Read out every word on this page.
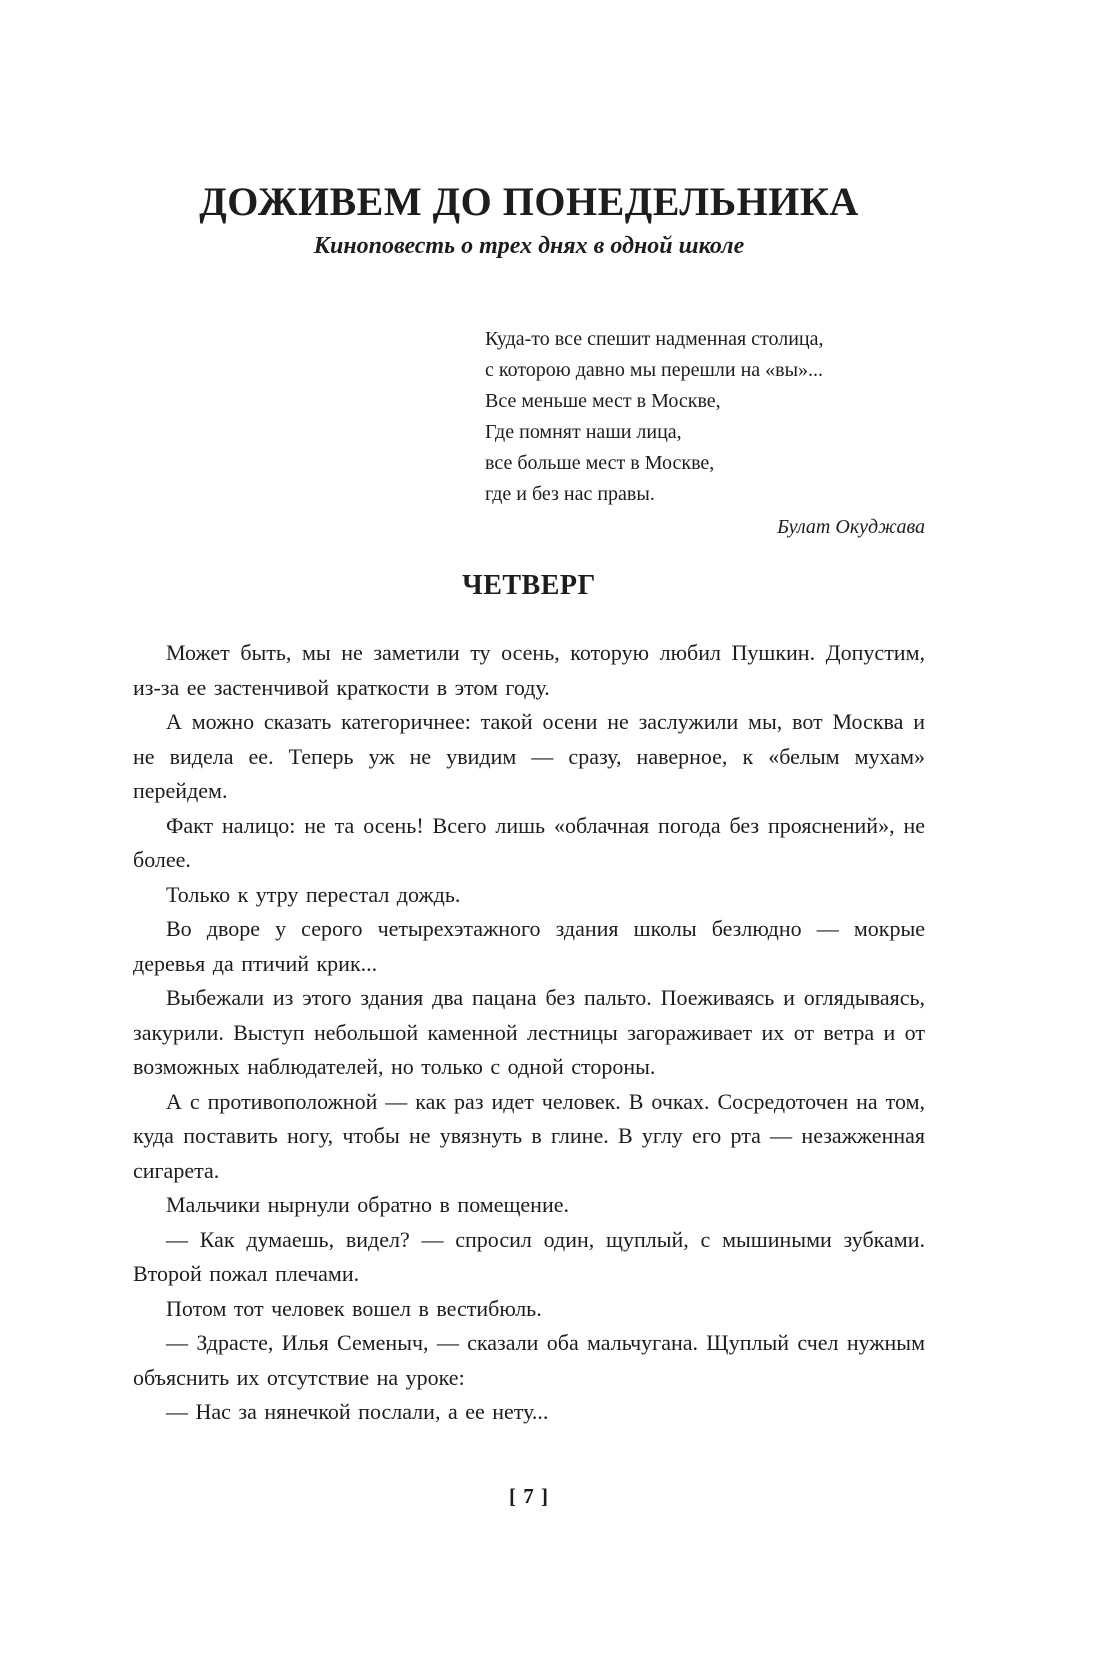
ДОЖИВЕМ ДО ПОНЕДЕЛЬНИКА
Киноповесть о трех днях в одной школе
Куда-то все спешит надменная столица,
с которою давно мы перешли на «вы»...
Все меньше мест в Москве,
Где помнят наши лица,
все больше мест в Москве,
где и без нас правы.
Булат Окуджава
ЧЕТВЕРГ

Может быть, мы не заметили ту осень, которую любил Пушкин. Допустим, из-за ее застенчивой краткости в этом году.

А можно сказать категоричнее: такой осени не заслужили мы, вот Москва и не видела ее. Теперь уж не увидим — сразу, наверное, к «белым мухам» перейдем.

Факт налицо: не та осень! Всего лишь «облачная погода без прояснений», не более.

Только к утру перестал дождь.

Во дворе у серого четырехэтажного здания школы безлюдно — мокрые деревья да птичий крик...

Выбежали из этого здания два пацана без пальто. Поеживаясь и оглядываясь, закурили. Выступ небольшой каменной лестницы загораживает их от ветра и от возможных наблюдателей, но только с одной стороны.

А с противоположной — как раз идет человек. В очках. Сосредоточен на том, куда поставить ногу, чтобы не увязнуть в глине. В углу его рта — незажженная сигарета.

Мальчики нырнули обратно в помещение.

— Как думаешь, видел? — спросил один, щуплый, с мышиными зубками. Второй пожал плечами.

Потом тот человек вошел в вестибюль.

— Здрасте, Илья Семеныч, — сказали оба мальчугана. Щуплый счел нужным объяснить их отсутствие на уроке:

— Нас за нянечкой послали, а ее нету...

[ 7 ]
